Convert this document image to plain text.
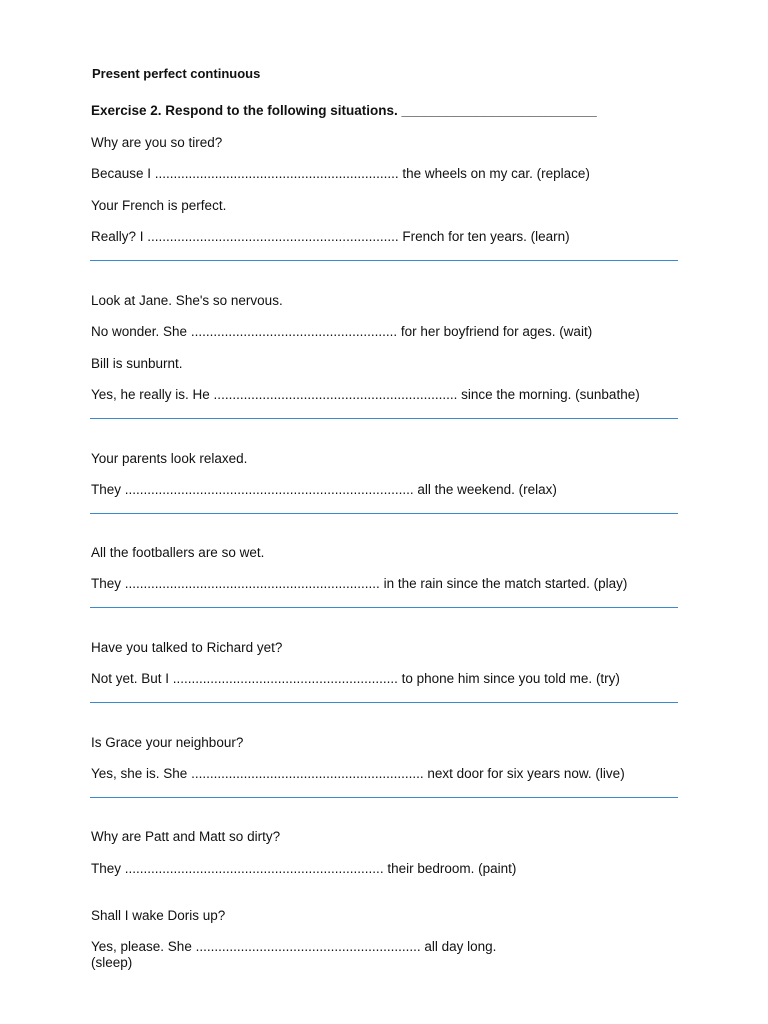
Present perfect continuous
Exercise 2. Respond to the following situations. __________________________
Why are you so tired?
Because I ................................................................. the wheels on my car. (replace)
Your French is perfect.
Really? I ................................................................... French for ten years. (learn)
Look at Jane. She's so nervous.
No wonder. She ....................................................... for her boyfriend for ages. (wait)
Bill is sunburnt.
Yes, he really is. He ................................................................. since the morning. (sunbathe)
Your parents look relaxed.
They ............................................................................. all the weekend. (relax)
All the footballers are so wet.
They .................................................................... in the rain since the match started. (play)
Have you talked to Richard yet?
Not yet. But I ............................................................ to phone him since you told me. (try)
Is Grace your neighbour?
Yes, she is. She .............................................................. next door for six years now. (live)
Why are Patt and Matt so dirty?
They ..................................................................... their bedroom. (paint)
Shall I wake Doris up?
Yes, please. She ............................................................ all day long.
(sleep)
